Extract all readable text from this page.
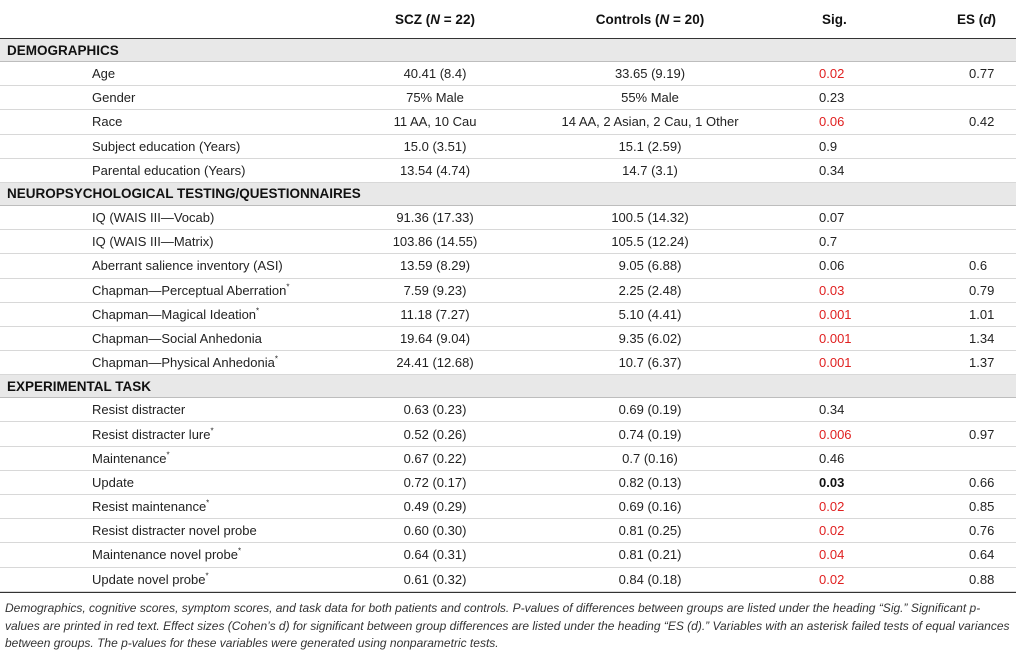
	SCZ (N = 22)	Controls (N = 20)	Sig.	ES (d)
DEMOGRAPHICS				
Age	40.41 (8.4)	33.65 (9.19)	0.02	0.77
Gender	75% Male	55% Male	0.23	
Race	11 AA, 10 Cau	14 AA, 2 Asian, 2 Cau, 1 Other	0.06	0.42
Subject education (Years)	15.0 (3.51)	15.1 (2.59)	0.9	
Parental education (Years)	13.54 (4.74)	14.7 (3.1)	0.34	
NEUROPSYCHOLOGICAL TESTING/QUESTIONNAIRES				
IQ (WAIS III—Vocab)	91.36 (17.33)	100.5 (14.32)	0.07	
IQ (WAIS III—Matrix)	103.86 (14.55)	105.5 (12.24)	0.7	
Aberrant salience inventory (ASI)	13.59 (8.29)	9.05 (6.88)	0.06	0.6
Chapman—Perceptual Aberration*	7.59 (9.23)	2.25 (2.48)	0.03	0.79
Chapman—Magical Ideation*	11.18 (7.27)	5.10 (4.41)	0.001	1.01
Chapman—Social Anhedonia	19.64 (9.04)	9.35 (6.02)	0.001	1.34
Chapman—Physical Anhedonia*	24.41 (12.68)	10.7 (6.37)	0.001	1.37
EXPERIMENTAL TASK				
Resist distracter	0.63 (0.23)	0.69 (0.19)	0.34	
Resist distracter lure*	0.52 (0.26)	0.74 (0.19)	0.006	0.97
Maintenance*	0.67 (0.22)	0.7 (0.16)	0.46	
Update	0.72 (0.17)	0.82 (0.13)	0.03	0.66
Resist maintenance*	0.49 (0.29)	0.69 (0.16)	0.02	0.85
Resist distracter novel probe	0.60 (0.30)	0.81 (0.25)	0.02	0.76
Maintenance novel probe*	0.64 (0.31)	0.81 (0.21)	0.04	0.64
Update novel probe*	0.61 (0.32)	0.84 (0.18)	0.02	0.88
Demographics, cognitive scores, symptom scores, and task data for both patients and controls. P-values of differences between groups are listed under the heading “Sig.” Significant p-values are printed in red text. Effect sizes (Cohen’s d) for significant between group differences are listed under the heading “ES (d).” Variables with an asterisk failed tests of equal variances between groups. The p-values for these variables were generated using nonparametric tests.
